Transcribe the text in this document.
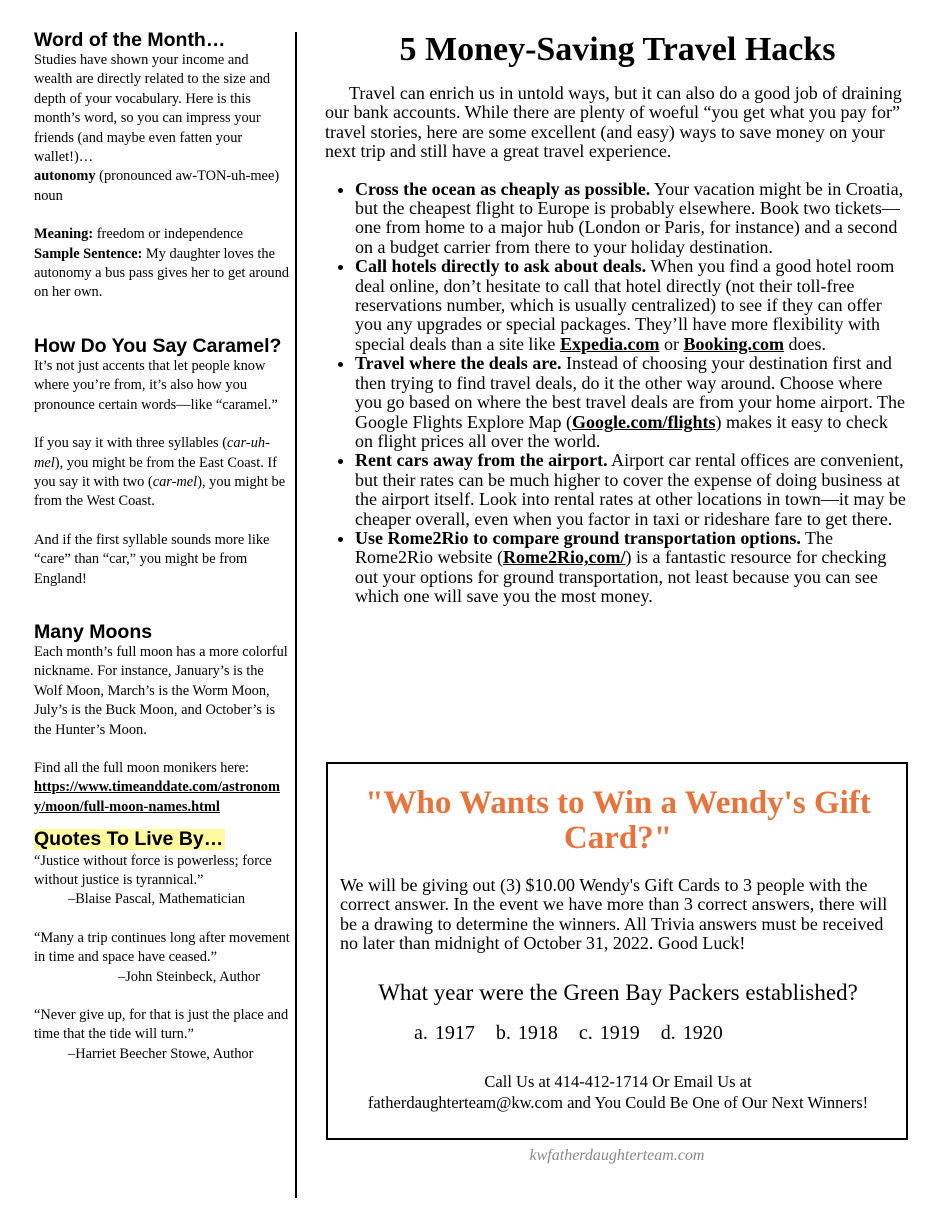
Word of the Month…

Studies have shown your income and wealth are directly related to the size and depth of your vocabulary. Here is this month’s word, so you can impress your friends (and maybe even fatten your wallet!)…

autonomy (pronounced aw-TON-uh-mee) noun

Meaning: freedom or independence

Sample Sentence: My daughter loves the autonomy a bus pass gives her to get around on her own.

How Do You Say Caramel?

It’s not just accents that let people know where you’re from, it’s also how you pronounce certain words—like “caramel.”

If you say it with three syllables (car-uh-mel), you might be from the East Coast. If you say it with two (car-mel), you might be from the West Coast.

And if the first syllable sounds more like “care” than “car,” you might be from England!

Many Moons

Each month’s full moon has a more colorful nickname. For instance, January’s is the Wolf Moon, March’s is the Worm Moon, July’s is the Buck Moon, and October’s is the Hunter’s Moon.

Find all the full moon monikers here:

https://www.timeanddate.com/astronomy/moon/full-moon-names.html

Quotes To Live By…

“Justice without force is powerless; force without justice is tyrannical.”

–Blaise Pascal, Mathematician

“Many a trip continues long after movement in time and space have ceased.”

–John Steinbeck, Author

“Never give up, for that is just the place and time that the tide will turn.”

–Harriet Beecher Stowe, Author

5 Money-Saving Travel Hacks

Travel can enrich us in untold ways, but it can also do a good job of draining our bank accounts. While there are plenty of woeful “you get what you pay for” travel stories, here are some excellent (and easy) ways to save money on your next trip and still have a great travel experience.

• Cross the ocean as cheaply as possible. Your vacation might be in Croatia, but the cheapest flight to Europe is probably elsewhere. Book two tickets—one from home to a major hub (London or Paris, for instance) and a second on a budget carrier from there to your holiday destination.
• Call hotels directly to ask about deals. When you find a good hotel room deal online, don’t hesitate to call that hotel directly (not their toll-free reservations number, which is usually centralized) to see if they can offer you any upgrades or special packages. They’ll have more flexibility with special deals than a site like Expedia.com or Booking.com does.
• Travel where the deals are. Instead of choosing your destination first and then trying to find travel deals, do it the other way around. Choose where you go based on where the best travel deals are from your home airport. The Google Flights Explore Map (Google.com/flights) makes it easy to check on flight prices all over the world.
• Rent cars away from the airport. Airport car rental offices are convenient, but their rates can be much higher to cover the expense of doing business at the airport itself. Look into rental rates at other locations in town—it may be cheaper overall, even when you factor in taxi or rideshare fare to get there.
• Use Rome2Rio to compare ground transportation options. The Rome2Rio website (Rome2Rio,com/) is a fantastic resource for checking out your options for ground transportation, not least because you can see which one will save you the most money.
"Who Wants to Win a Wendy's Gift Card?"

We will be giving out (3) $10.00 Wendy's Gift Cards to 3 people with the correct answer. In the event we have more than 3 correct answers, there will be a drawing to determine the winners. All Trivia answers must be received no later than midnight of October 31, 2022. Good Luck!

What year were the Green Bay Packers established?

a. 1917   b. 1918   c. 1919   d. 1920

Call Us at 414-412-1714 Or Email Us at
fatherdaughterteam@kw.com and You Could Be One of Our Next Winners!

kwfatherdaughterteam.com
